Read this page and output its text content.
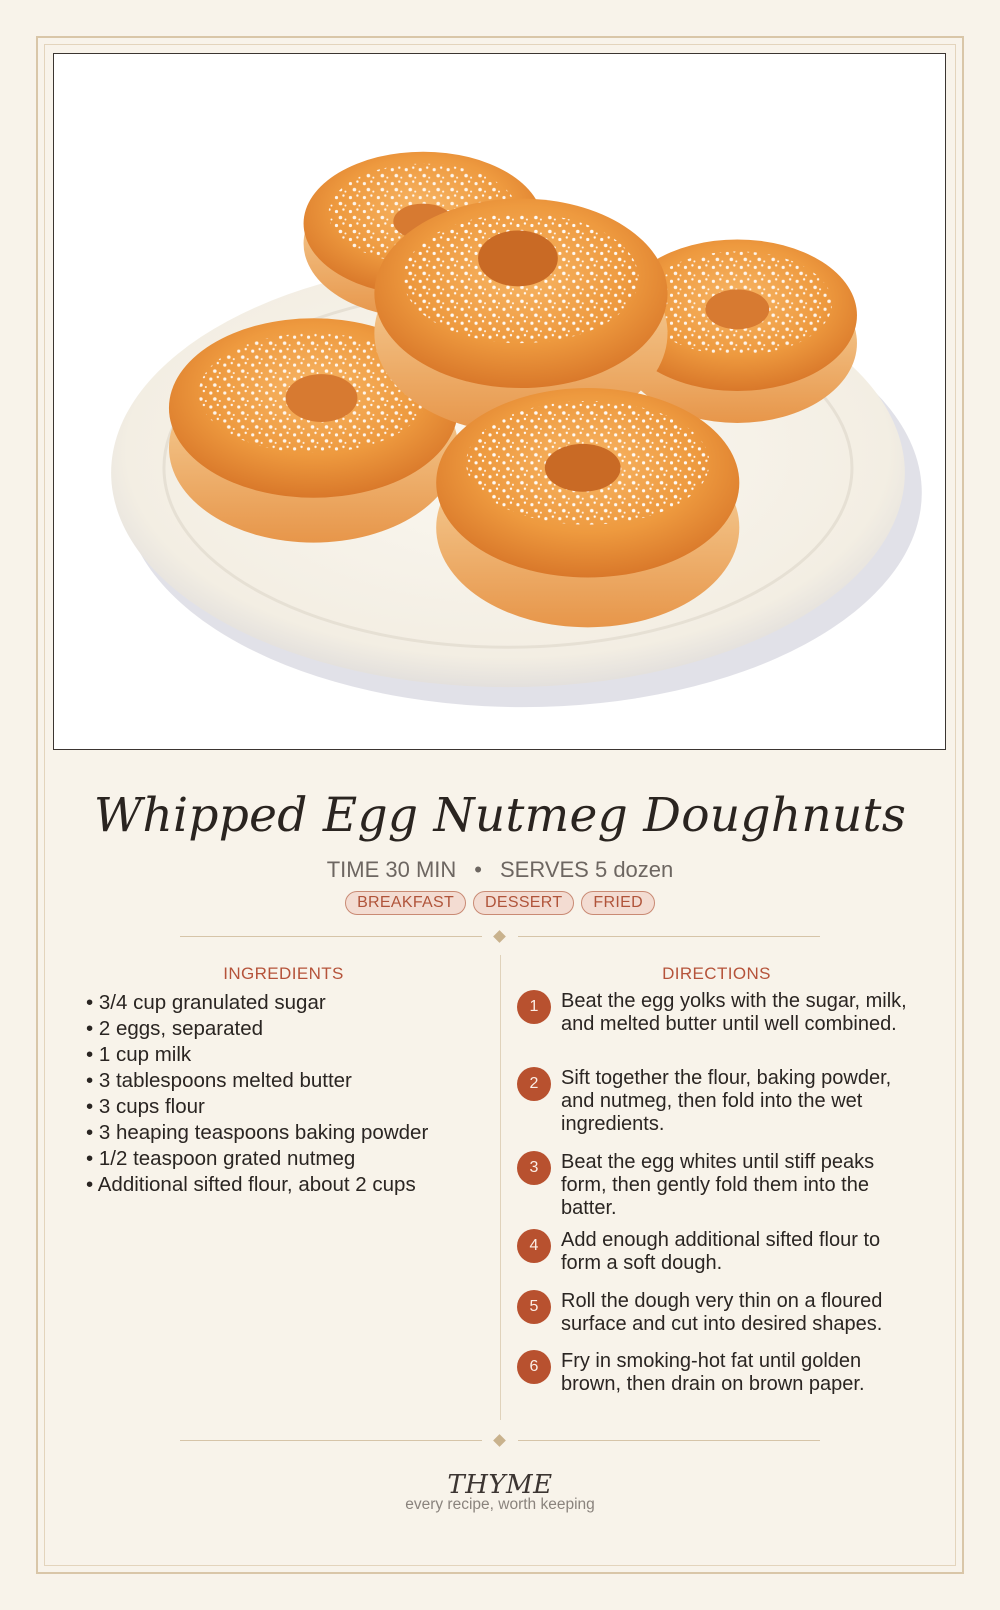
Whipped Egg Nutmeg Doughnuts
TIME 30 MIN • SERVES 5 dozen
BREAKFAST	DESSERT	FRIED
INGREDIENTS	DIRECTIONS
• 3/4 cup granulated sugar
• 2 eggs, separated
• 1 cup milk
• 3 tablespoons melted butter
• 3 cups flour
• 3 heaping teaspoons baking powder
• 1/2 teaspoon grated nutmeg
• Additional sifted flour, about 2 cups
1	Beat the egg yolks with the sugar, milk, and melted butter until well combined.
2	Sift together the flour, baking powder, and nutmeg, then fold into the wet ingredients.
3	Beat the egg whites until stiff peaks form, then gently fold them into the batter.
4	Add enough additional sifted flour to form a soft dough.
5	Roll the dough very thin on a floured surface and cut into desired shapes.
6	Fry in smoking-hot fat until golden brown, then drain on brown paper.
THYME
every recipe, worth keeping
